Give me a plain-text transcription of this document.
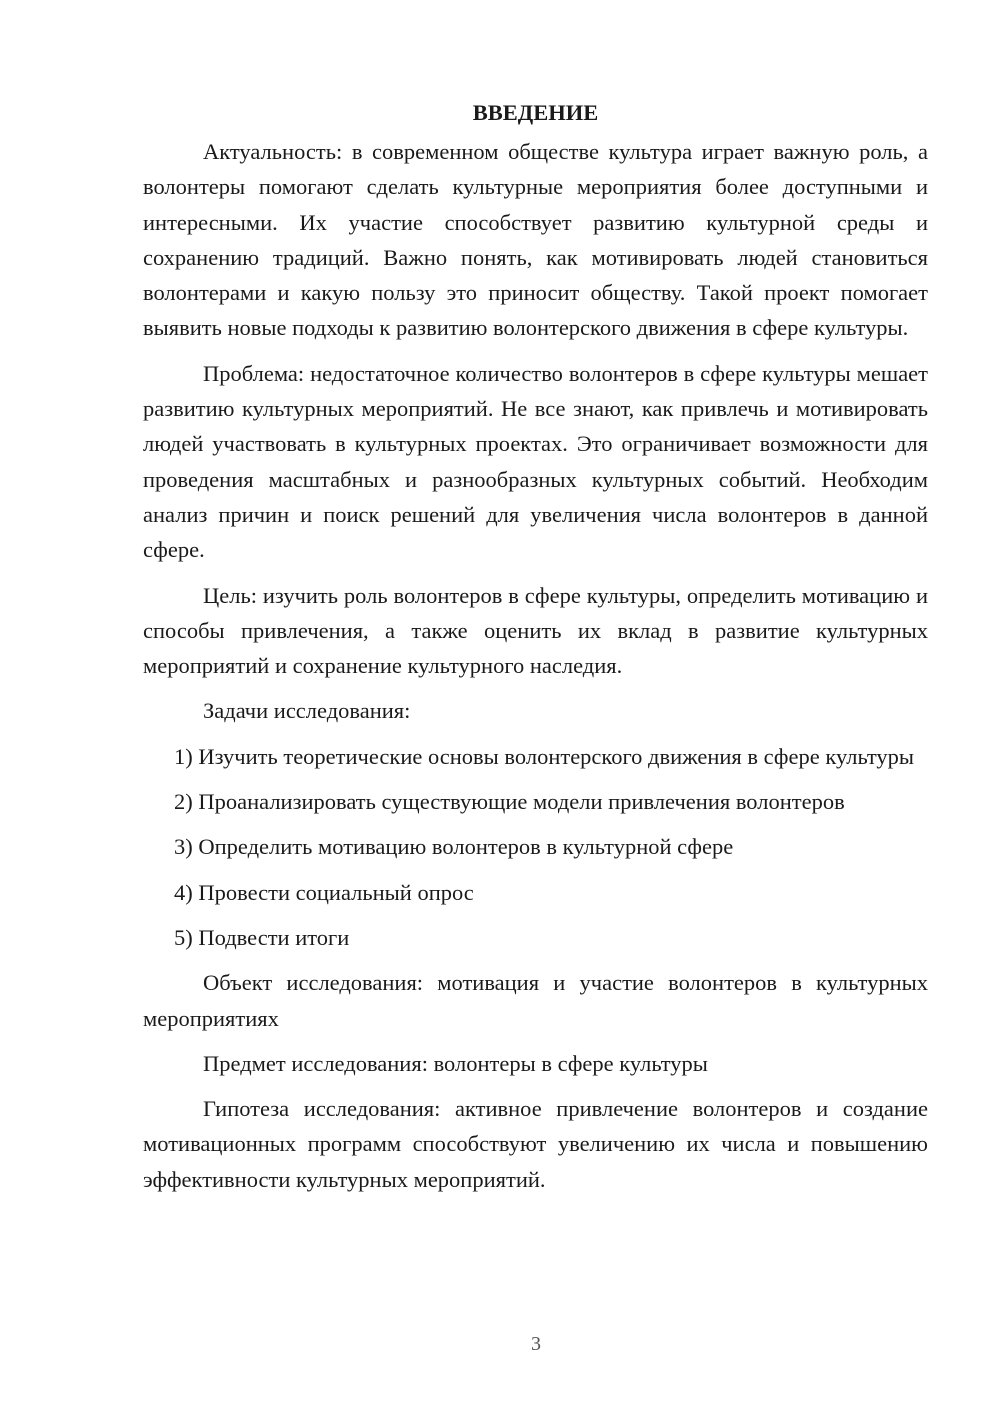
ВВЕДЕНИЕ
Актуальность: в современном обществе культура играет важную роль, а волонтеры помогают сделать культурные мероприятия более доступными и интересными. Их участие способствует развитию культурной среды и сохранению традиций. Важно понять, как мотивировать людей становиться волонтерами и какую пользу это приносит обществу. Такой проект помогает выявить новые подходы к развитию волонтерского движения в сфере культуры.
Проблема: недостаточное количество волонтеров в сфере культуры мешает развитию культурных мероприятий. Не все знают, как привлечь и мотивировать людей участвовать в культурных проектах. Это ограничивает возможности для проведения масштабных и разнообразных культурных событий. Необходим анализ причин и поиск решений для увеличения числа волонтеров в данной сфере.
Цель: изучить роль волонтеров в сфере культуры, определить мотивацию и способы привлечения, а также оценить их вклад в развитие культурных мероприятий и сохранение культурного наследия.
Задачи исследования:
1) Изучить теоретические основы волонтерского движения в сфере культуры
2) Проанализировать существующие модели привлечения волонтеров
3) Определить мотивацию волонтеров в культурной сфере
4) Провести социальный опрос
5) Подвести итоги
Объект исследования: мотивация и участие волонтеров в культурных мероприятиях
Предмет исследования: волонтеры в сфере культуры
Гипотеза исследования: активное привлечение волонтеров и создание мотивационных программ способствуют увеличению их числа и повышению эффективности культурных мероприятий.
3
